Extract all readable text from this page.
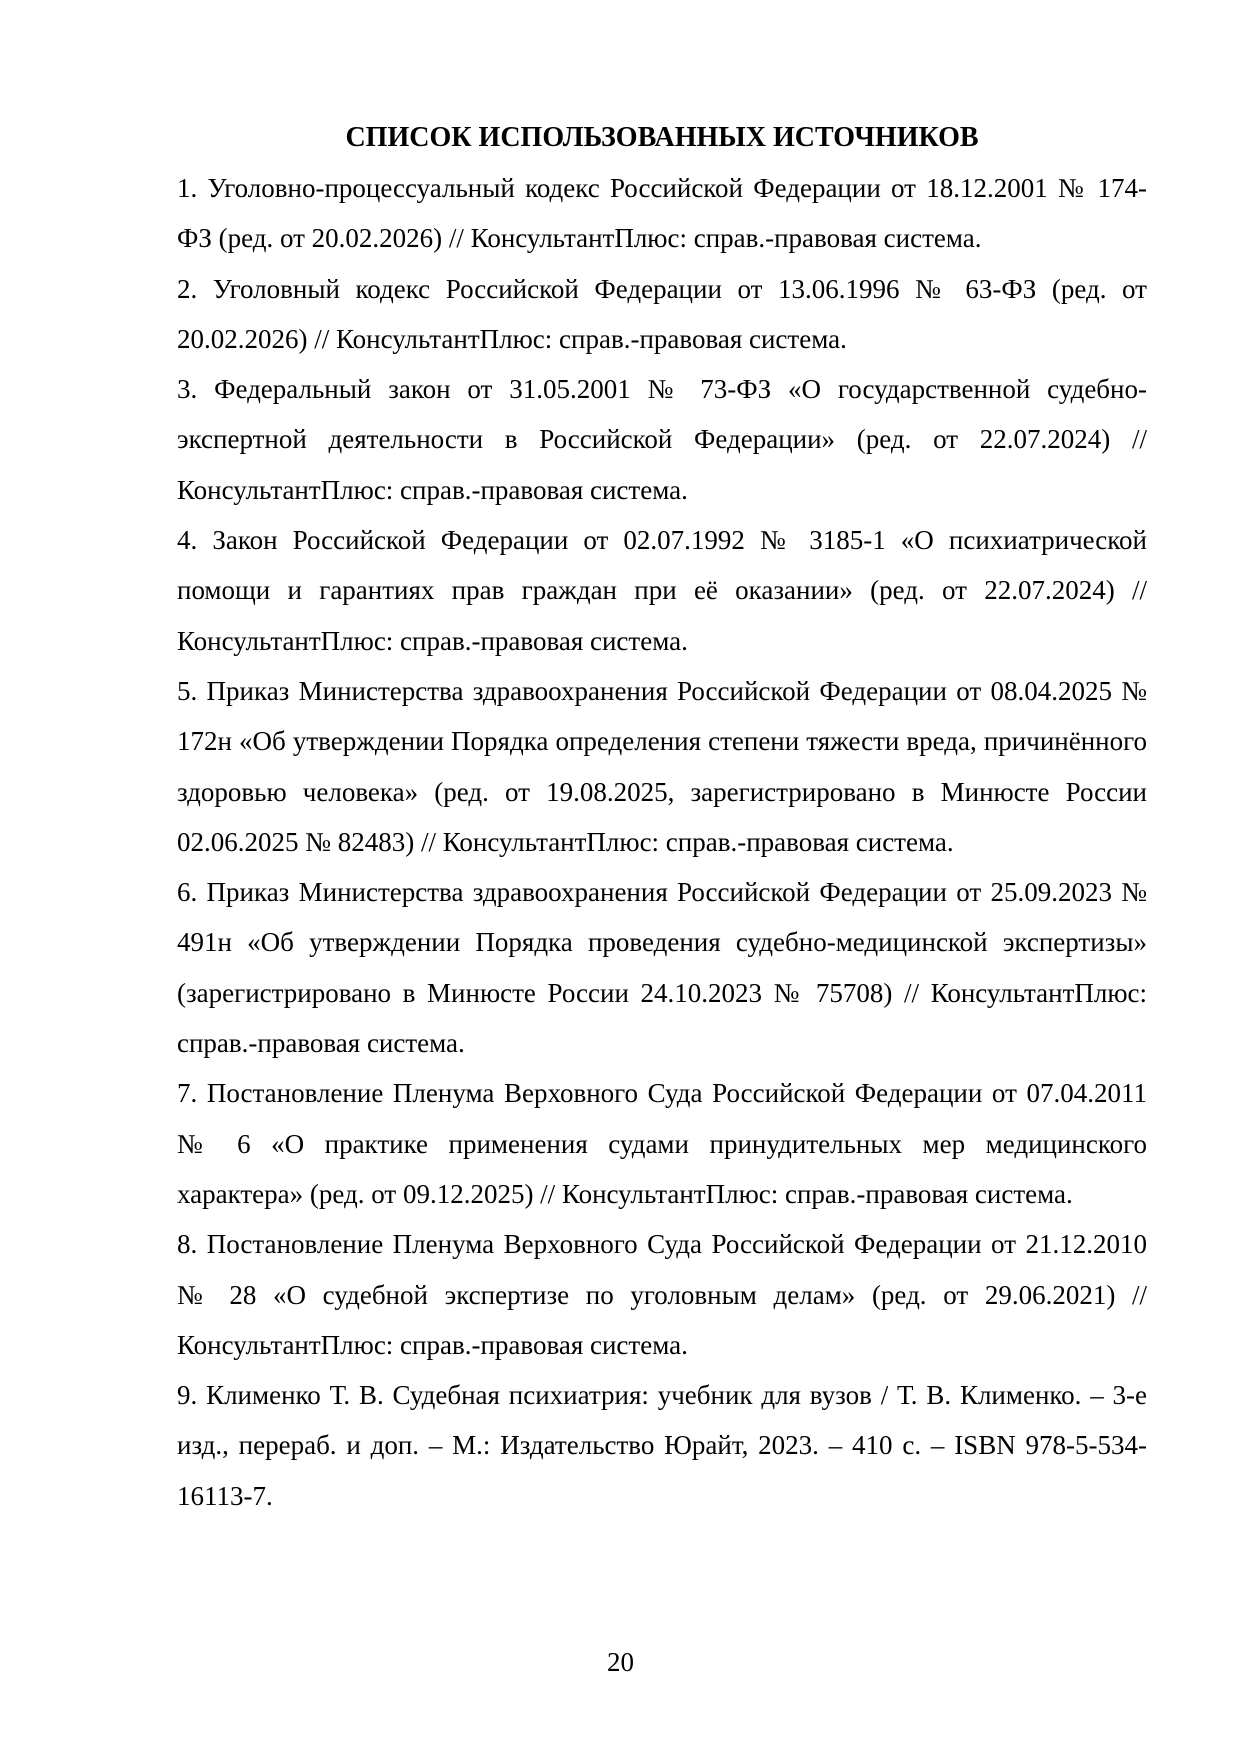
СПИСОК ИСПОЛЬЗОВАННЫХ ИСТОЧНИКОВ
1. Уголовно-процессуальный кодекс Российской Федерации от 18.12.2001 № 174-ФЗ (ред. от 20.02.2026) // КонсультантПлюс: справ.-правовая система.
2. Уголовный кодекс Российской Федерации от 13.06.1996 № 63-ФЗ (ред. от 20.02.2026) // КонсультантПлюс: справ.-правовая система.
3. Федеральный закон от 31.05.2001 № 73-ФЗ «О государственной судебно-экспертной деятельности в Российской Федерации» (ред. от 22.07.2024) // КонсультантПлюс: справ.-правовая система.
4. Закон Российской Федерации от 02.07.1992 № 3185-1 «О психиатрической помощи и гарантиях прав граждан при её оказании» (ред. от 22.07.2024) // КонсультантПлюс: справ.-правовая система.
5. Приказ Министерства здравоохранения Российской Федерации от 08.04.2025 № 172н «Об утверждении Порядка определения степени тяжести вреда, причинённого здоровью человека» (ред. от 19.08.2025, зарегистрировано в Минюсте России 02.06.2025 № 82483) // КонсультантПлюс: справ.-правовая система.
6. Приказ Министерства здравоохранения Российской Федерации от 25.09.2023 № 491н «Об утверждении Порядка проведения судебно-медицинской экспертизы» (зарегистрировано в Минюсте России 24.10.2023 № 75708) // КонсультантПлюс: справ.-правовая система.
7. Постановление Пленума Верховного Суда Российской Федерации от 07.04.2011 № 6 «О практике применения судами принудительных мер медицинского характера» (ред. от 09.12.2025) // КонсультантПлюс: справ.-правовая система.
8. Постановление Пленума Верховного Суда Российской Федерации от 21.12.2010 № 28 «О судебной экспертизе по уголовным делам» (ред. от 29.06.2021) // КонсультантПлюс: справ.-правовая система.
9. Клименко Т. В. Судебная психиатрия: учебник для вузов / Т. В. Клименко. – 3-е изд., перераб. и доп. – М.: Издательство Юрайт, 2023. – 410 с. – ISBN 978-5-534-16113-7.
20
